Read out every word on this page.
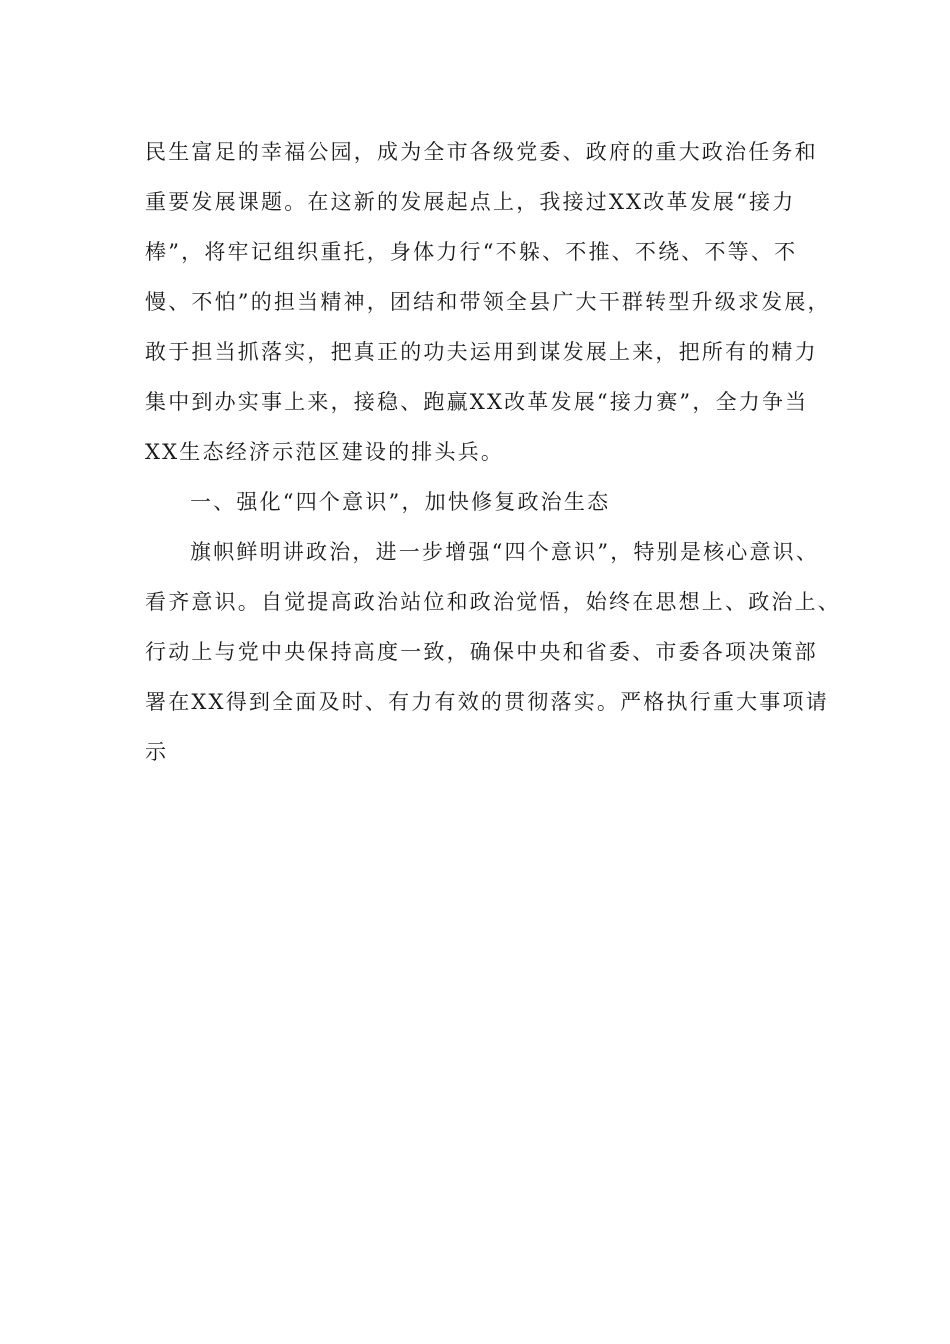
民生富足的幸福公园，成为全市各级党委、政府的重大政治任务和
重要发展课题。在这新的发展起点上，我接过XX改革发展“接力
棒”，将牢记组织重托，身体力行“不躲、不推、不绕、不等、不
慢、不怕”的担当精神，团结和带领全县广大干群转型升级求发展，
敢于担当抓落实，把真正的功夫运用到谋发展上来，把所有的精力
集中到办实事上来，接稳、跑赢XX改革发展“接力赛”，全力争当
XX生态经济示范区建设的排头兵。
一、强化“四个意识”，加快修复政治生态
旗帜鲜明讲政治，进一步增强“四个意识”，特别是核心意识、
看齐意识。自觉提高政治站位和政治觉悟，始终在思想上、政治上、
行动上与党中央保持高度一致，确保中央和省委、市委各项决策部
署在XX得到全面及时、有力有效的贯彻落实。严格执行重大事项请
示
